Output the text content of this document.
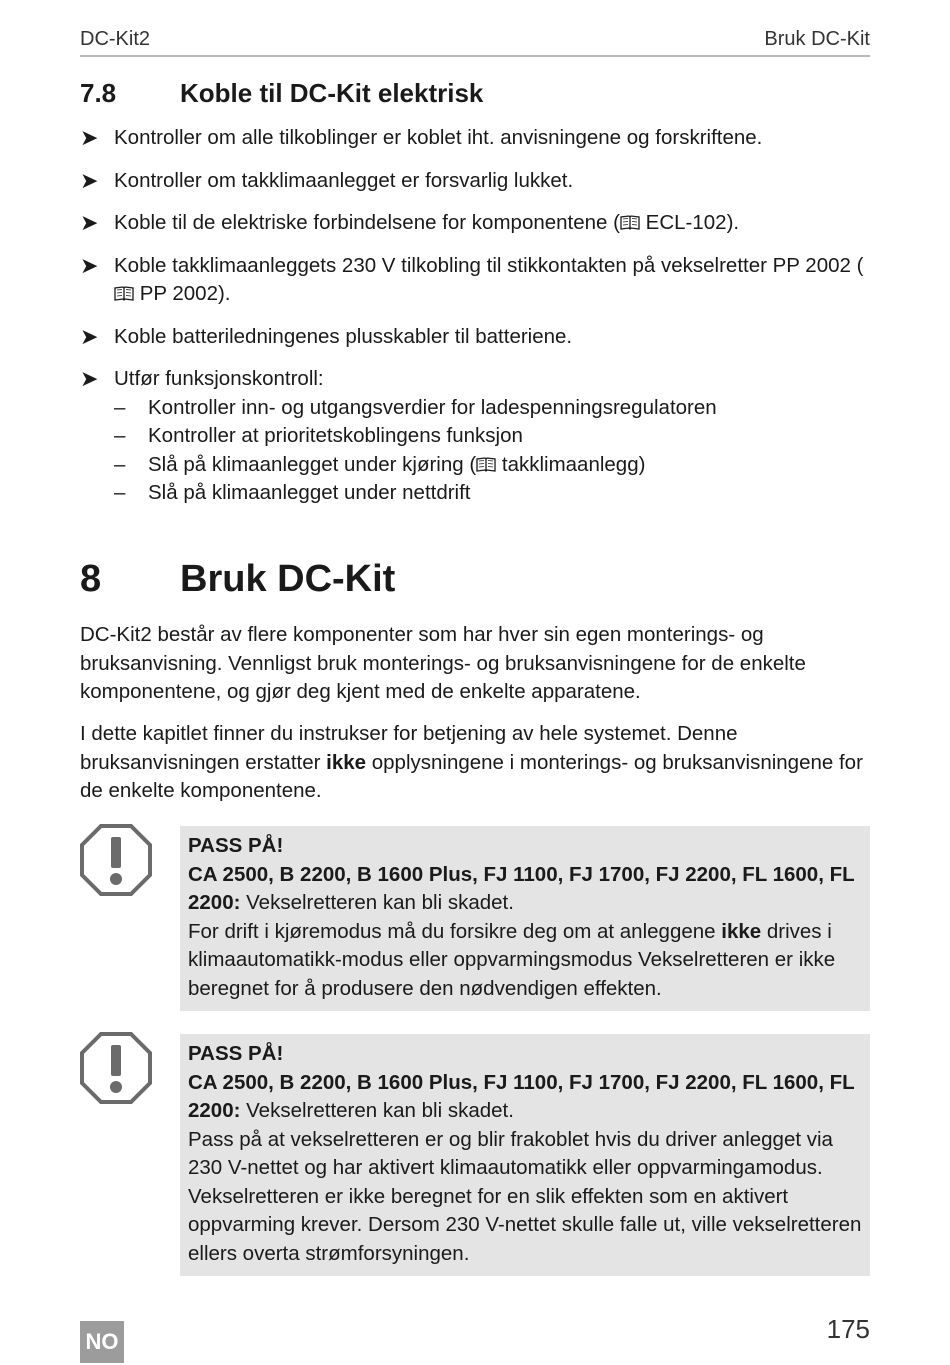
DC-Kit2	Bruk DC-Kit
7.8	Koble til DC-Kit elektrisk
➤ Kontroller om alle tilkoblinger er koblet iht. anvisningene og forskriftene.
➤ Kontroller om takklimaanlegget er forsvarlig lukket.
➤ Koble til de elektriske forbindelsene for komponentene ( ECL-102).
➤ Koble takklimaanleggets 230 V tilkobling til stikkontakten på vekselretter PP 2002 ( PP 2002).
➤ Koble batteriledningenes plusskabler til batteriene.
➤ Utfør funksjonskontroll:
– Kontroller inn- og utgangsverdier for ladespenningsregulatoren
– Kontroller at prioritetskoblingens funksjon
– Slå på klimaanlegget under kjøring ( takklimaanlegg)
– Slå på klimaanlegget under nettdrift
8	Bruk DC-Kit

DC-Kit2 består av flere komponenter som har hver sin egen monterings- og bruksanvisning. Vennligst bruk monterings- og bruksanvisningene for de enkelte komponentene, og gjør deg kjent med de enkelte apparatene.

I dette kapitlet finner du instrukser for betjening av hele systemet. Denne bruksanvisningen erstatter ikke opplysningene i monterings- og bruksanvisningene for de enkelte komponentene.

PASS PÅ!
CA 2500, B 2200, B 1600 Plus, FJ 1100, FJ 1700, FJ 2200, FL 1600, FL 2200: Vekselretteren kan bli skadet.
For drift i kjøremodus må du forsikre deg om at anleggene ikke drives i klimaautomatikk-modus eller oppvarmingsmodus Vekselretteren er ikke beregnet for å produsere den nødvendigen effekten.
PASS PÅ!
CA 2500, B 2200, B 1600 Plus, FJ 1100, FJ 1700, FJ 2200, FL 1600, FL 2200: Vekselretteren kan bli skadet.
Pass på at vekselretteren er og blir frakoblet hvis du driver anlegget via 230 V-nettet og har aktivert klimaautomatikk eller oppvarmingamodus. Vekselretteren er ikke beregnet for en slik effekten som en aktivert oppvarming krever. Dersom 230 V-nettet skulle falle ut, ville vekselretteren ellers overta strømforsyningen.
175
NO
